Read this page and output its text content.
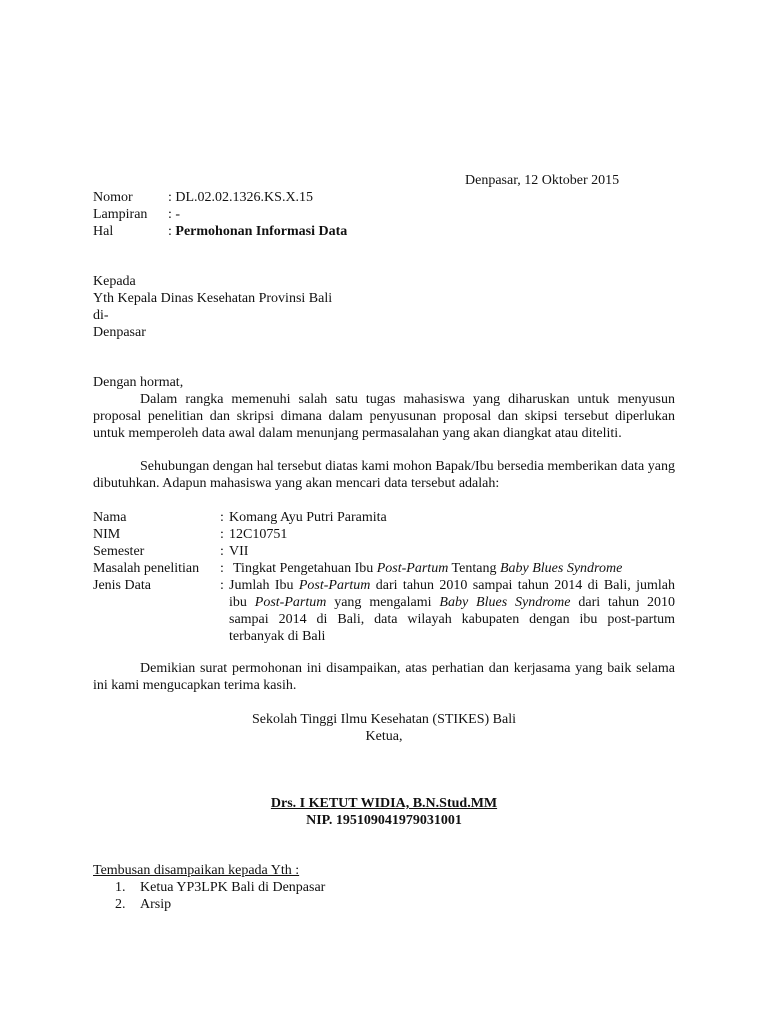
Denpasar, 12 Oktober 2015
Nomor	: DL.02.02.1326.KS.X.15
Lampiran : -
Hal	: Permohonan Informasi Data
Kepada
Yth Kepala Dinas Kesehatan Provinsi Bali
di-
Denpasar
Dengan hormat,
Dalam rangka memenuhi salah satu tugas mahasiswa yang diharuskan untuk menyusun proposal penelitian dan skripsi dimana dalam penyusunan proposal dan skipsi tersebut diperlukan untuk memperoleh data awal dalam menunjang permasalahan yang akan diangkat atau diteliti.
Sehubungan dengan hal tersebut diatas kami mohon Bapak/Ibu bersedia memberikan data yang dibutuhkan. Adapun mahasiswa yang akan mencari data tersebut adalah:
Nama	: Komang Ayu Putri Paramita
NIM	: 12C10751
Semester	: VII
Masalah penelitian : Tingkat Pengetahuan Ibu Post-Partum Tentang Baby Blues Syndrome
Jenis Data	: Jumlah Ibu Post-Partum dari tahun 2010 sampai tahun 2014 di Bali, jumlah ibu Post-Partum yang mengalami Baby Blues Syndrome dari tahun 2010 sampai 2014 di Bali, data wilayah kabupaten dengan ibu post-partum terbanyak di Bali
Demikian surat permohonan ini disampaikan, atas perhatian dan kerjasama yang baik selama ini kami mengucapkan terima kasih.
Sekolah Tinggi Ilmu Kesehatan (STIKES) Bali
Ketua,
Drs. I KETUT WIDIA, B.N.Stud.MM
NIP. 195109041979031001
Tembusan disampaikan kepada Yth :
1. Ketua YP3LPK Bali di Denpasar
2. Arsip
